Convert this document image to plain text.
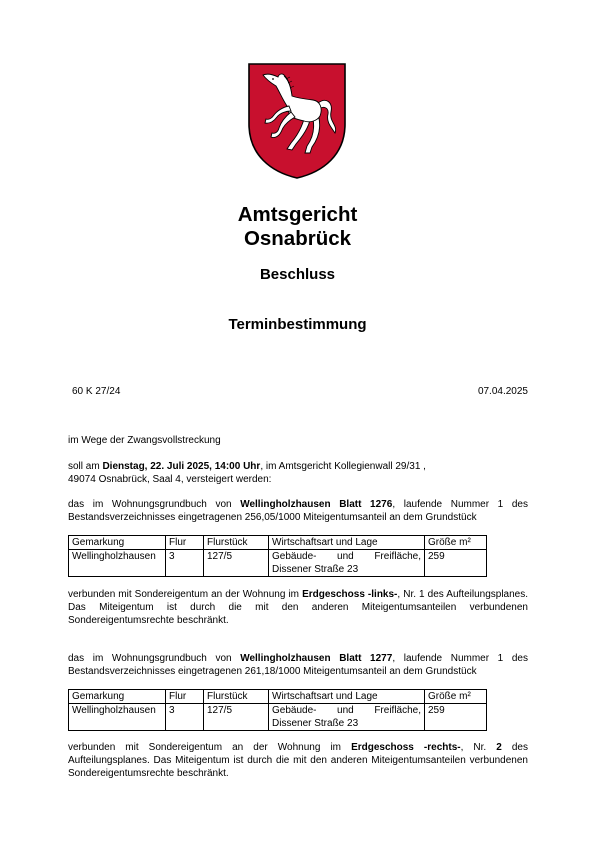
Amtsgericht
Osnabrück
Beschluss
Terminbestimmung
60 K 27/24	07.04.2025
im Wege der Zwangsvollstreckung
soll am Dienstag, 22. Juli 2025, 14:00 Uhr, im Amtsgericht Kollegienwall 29/31 ,
49074 Osnabrück, Saal 4, versteigert werden:
das im Wohnungsgrundbuch von Wellingholzhausen Blatt 1276, laufende Nummer 1 des Bestandsverzeichnisses eingetragenen 256,05/1000 Miteigentumsanteil an dem Grundstück
Gemarkung	Flur	Flurstück	Wirtschaftsart und Lage	Größe m²
Wellingholzhausen	3	127/5	Gebäude- und Freifläche, Dissener Straße 23	259
verbunden mit Sondereigentum an der Wohnung im Erdgeschoss -links-, Nr. 1 des Aufteilungsplanes. Das Miteigentum ist durch die mit den anderen Miteigentumsanteilen verbundenen Sondereigentumsrechte beschränkt.
das im Wohnungsgrundbuch von Wellingholzhausen Blatt 1277, laufende Nummer 1 des Bestandsverzeichnisses eingetragenen 261,18/1000 Miteigentumsanteil an dem Grundstück
Gemarkung	Flur	Flurstück	Wirtschaftsart und Lage	Größe m²
Wellingholzhausen	3	127/5	Gebäude- und Freifläche, Dissener Straße 23	259
verbunden mit Sondereigentum an der Wohnung im Erdgeschoss -rechts-, Nr. 2 des Aufteilungsplanes. Das Miteigentum ist durch die mit den anderen Miteigentumsanteilen verbundenen Sondereigentumsrechte beschränkt.
